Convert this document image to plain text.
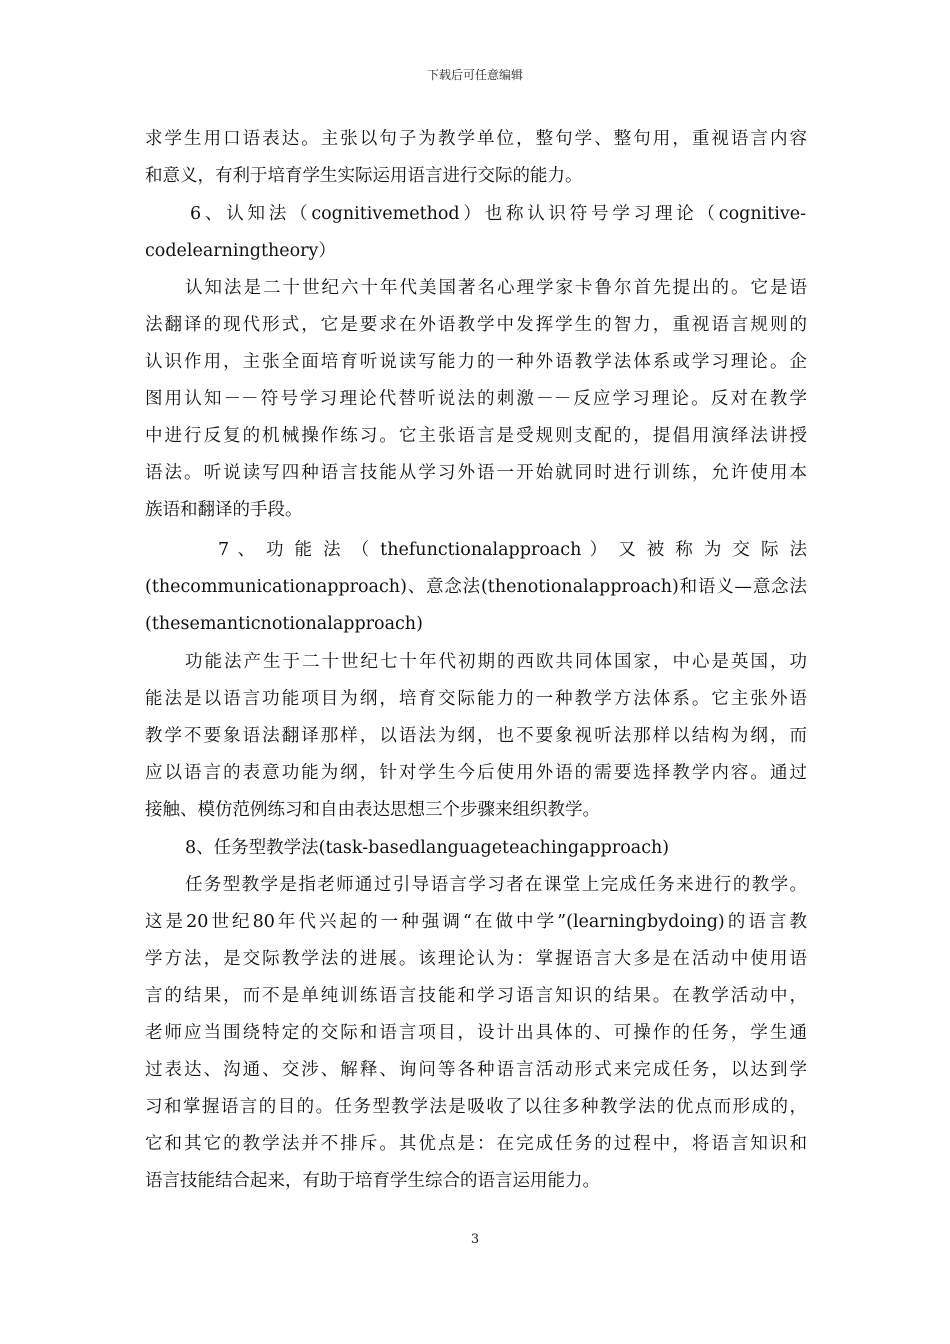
下载后可任意编辑
求学生用口语表达。主张以句子为教学单位，整句学、整句用，重视语言内容
和意义，有利于培育学生实际运用语言进行交际的能力。
6、认知法（cognitivemethod）也称认识符号学习理论（cognitive-
codelearningtheory）
认知法是二十世纪六十年代美国著名心理学家卡鲁尔首先提出的。它是语
法翻译的现代形式，它是要求在外语教学中发挥学生的智力，重视语言规则的
认识作用，主张全面培育听说读写能力的一种外语教学法体系或学习理论。企
图用认知－－符号学习理论代替听说法的刺激－－反应学习理论。反对在教学
中进行反复的机械操作练习。它主张语言是受规则支配的，提倡用演绎法讲授
语法。听说读写四种语言技能从学习外语一开始就同时进行训练，允许使用本
族语和翻译的手段。
7 、 功 能 法 （ thefunctionalapproach ） 又 被 称 为 交 际 法
(thecommunicationapproach)、意念法(thenotionalapproach)和语义—意念法
(thesemanticnotionalapproach)
功能法产生于二十世纪七十年代初期的西欧共同体国家，中心是英国，功
能法是以语言功能项目为纲，培育交际能力的一种教学方法体系。它主张外语
教学不要象语法翻译那样，以语法为纲，也不要象视听法那样以结构为纲，而
应以语言的表意功能为纲，针对学生今后使用外语的需要选择教学内容。通过
接触、模仿范例练习和自由表达思想三个步骤来组织教学。
8、任务型教学法(task-basedlanguageteachingapproach)
任务型教学是指老师通过引导语言学习者在课堂上完成任务来进行的教学。
这是20世纪80年代兴起的一种强调“在做中学”(learningbydoing)的语言教
学方法，是交际教学法的进展。该理论认为：掌握语言大多是在活动中使用语
言的结果，而不是单纯训练语言技能和学习语言知识的结果。在教学活动中，
老师应当围绕特定的交际和语言项目，设计出具体的、可操作的任务，学生通
过表达、沟通、交涉、解释、询问等各种语言活动形式来完成任务，以达到学
习和掌握语言的目的。任务型教学法是吸收了以往多种教学法的优点而形成的，
它和其它的教学法并不排斥。其优点是：在完成任务的过程中，将语言知识和
语言技能结合起来，有助于培育学生综合的语言运用能力。
3
